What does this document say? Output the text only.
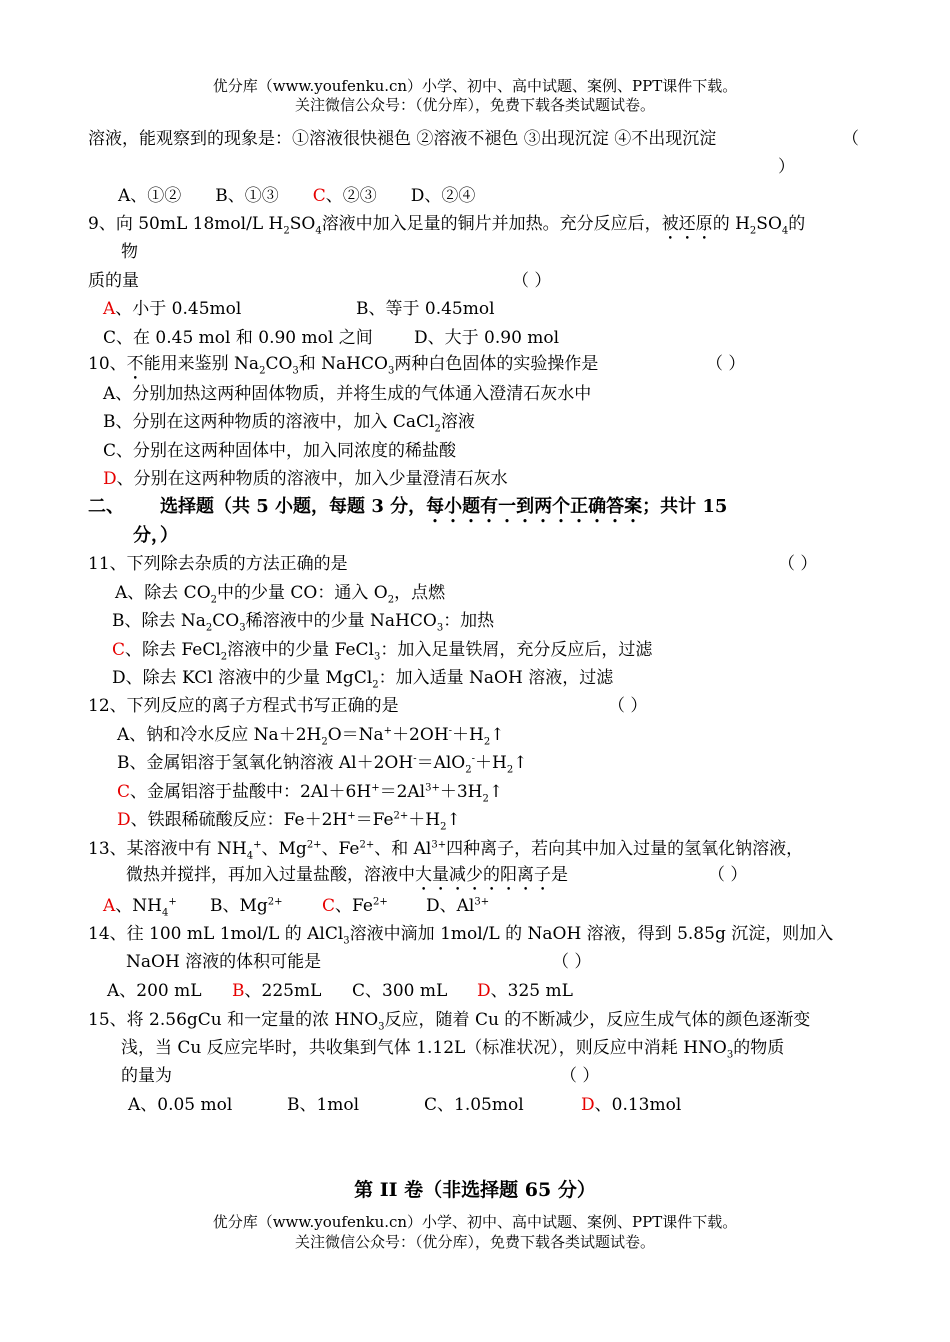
优分库（www.youfenku.cn）小学、初中、高中试题、案例、PPT课件下载。
关注微信公众号：（优分库），免费下载各类试题试卷。
溶液，能观察到的现象是：①溶液很快褪色 ②溶液不褪色 ③出现沉淀 ④不出现沉淀	（
）
A、①②   B、①③   C、②③   D、②④
9、向 50mL 18mol/L $H_2SO_4$溶液中加入足量的铜片并加热。充分反应后，被还原的 $H_2SO_4$的
物
质的量	（ ）
A、小于 0.45mol	B、等于 0.45mol
C、在 0.45 mol 和 0.90 mol 之间 D、大于 0.90 mol
10、不能用来鉴别 $Na_2CO_3$和 NaHCO$_3$两种白色固体的实验操作是	（ ）
A、分别加热这两种固体物质，并将生成的气体通入澄清石灰水中
B、分别在这两种物质的溶液中，加入 CaCl$_2$溶液
C、分别在这两种固体中，加入同浓度的稀盐酸
D、分别在这两种物质的溶液中，加入少量澄清石灰水
二、   选择题（共 5 小题，每题 3 分，每小题有一到两个正确答案；共计 15
分，）
11、下列除去杂质的方法正确的是	（ ）
A、除去 $CO_2$中的少量 CO：通入 $O_2$，点燃
B、除去 $Na_2CO_3$稀溶液中的少量 NaHCO$_3$：加热
C、除去 FeCl$_2$溶液中的少量 FeCl$_3$：加入足量铁屑，充分反应后，过滤
D、除去 KCl 溶液中的少量 MgCl$_2$：加入适量 NaOH 溶液，过滤
12、下列反应的离子方程式书写正确的是	（ ）
A、钠和冷水反应 $Na+2H_2O=Na^++2OH^-+H_2↑$
B、金属铝溶于氢氧化钠溶液 $Al+2OH^-=AlO_2^-+H_2↑$
C、金属铝溶于盐酸中：$2Al+6H^+=2Al^{3+}+3H_2↑$
D、铁跟稀硫酸反应：$Fe+2H^+=Fe^{2+}+H_2↑$
13、某溶液中有 $NH_4^+$、$Mg^{2+}$、$Fe^{2+}$、和 $Al^{3+}$四种离子，若向其中加入过量的氢氧化钠溶液，
微热并搅拌，再加入过量盐酸，溶液中大量减少的阳离子是	（ ）
A、$NH_4^+$ B、$Mg^{2+}$ C、$Fe^{2+}$ D、$Al^{3+}$
14、往 100 mL 1mol/L 的 AlCl$_3$溶液中滴加 1mol/L 的 NaOH 溶液，得到 5.85g 沉淀，则加入
NaOH 溶液的体积可能是	（ ）
A、200 mL B、225mL C、300 mL D、325 mL
15、将 2.56gCu 和一定量的浓 $HNO_3$反应，随着 Cu 的不断减少，反应生成气体的颜色逐渐变
浅，当 Cu 反应完毕时，共收集到气体 1.12L（标准状况），则反应中消耗 $HNO_3$的物质
的量为	（ ）
A、0.05 mol	B、1mol	C、1.05mol	D、0.13mol
第 II 卷（非选择题 65 分）
优分库（www.youfenku.cn）小学、初中、高中试题、案例、PPT课件下载。
关注微信公众号：（优分库），免费下载各类试题试卷。
